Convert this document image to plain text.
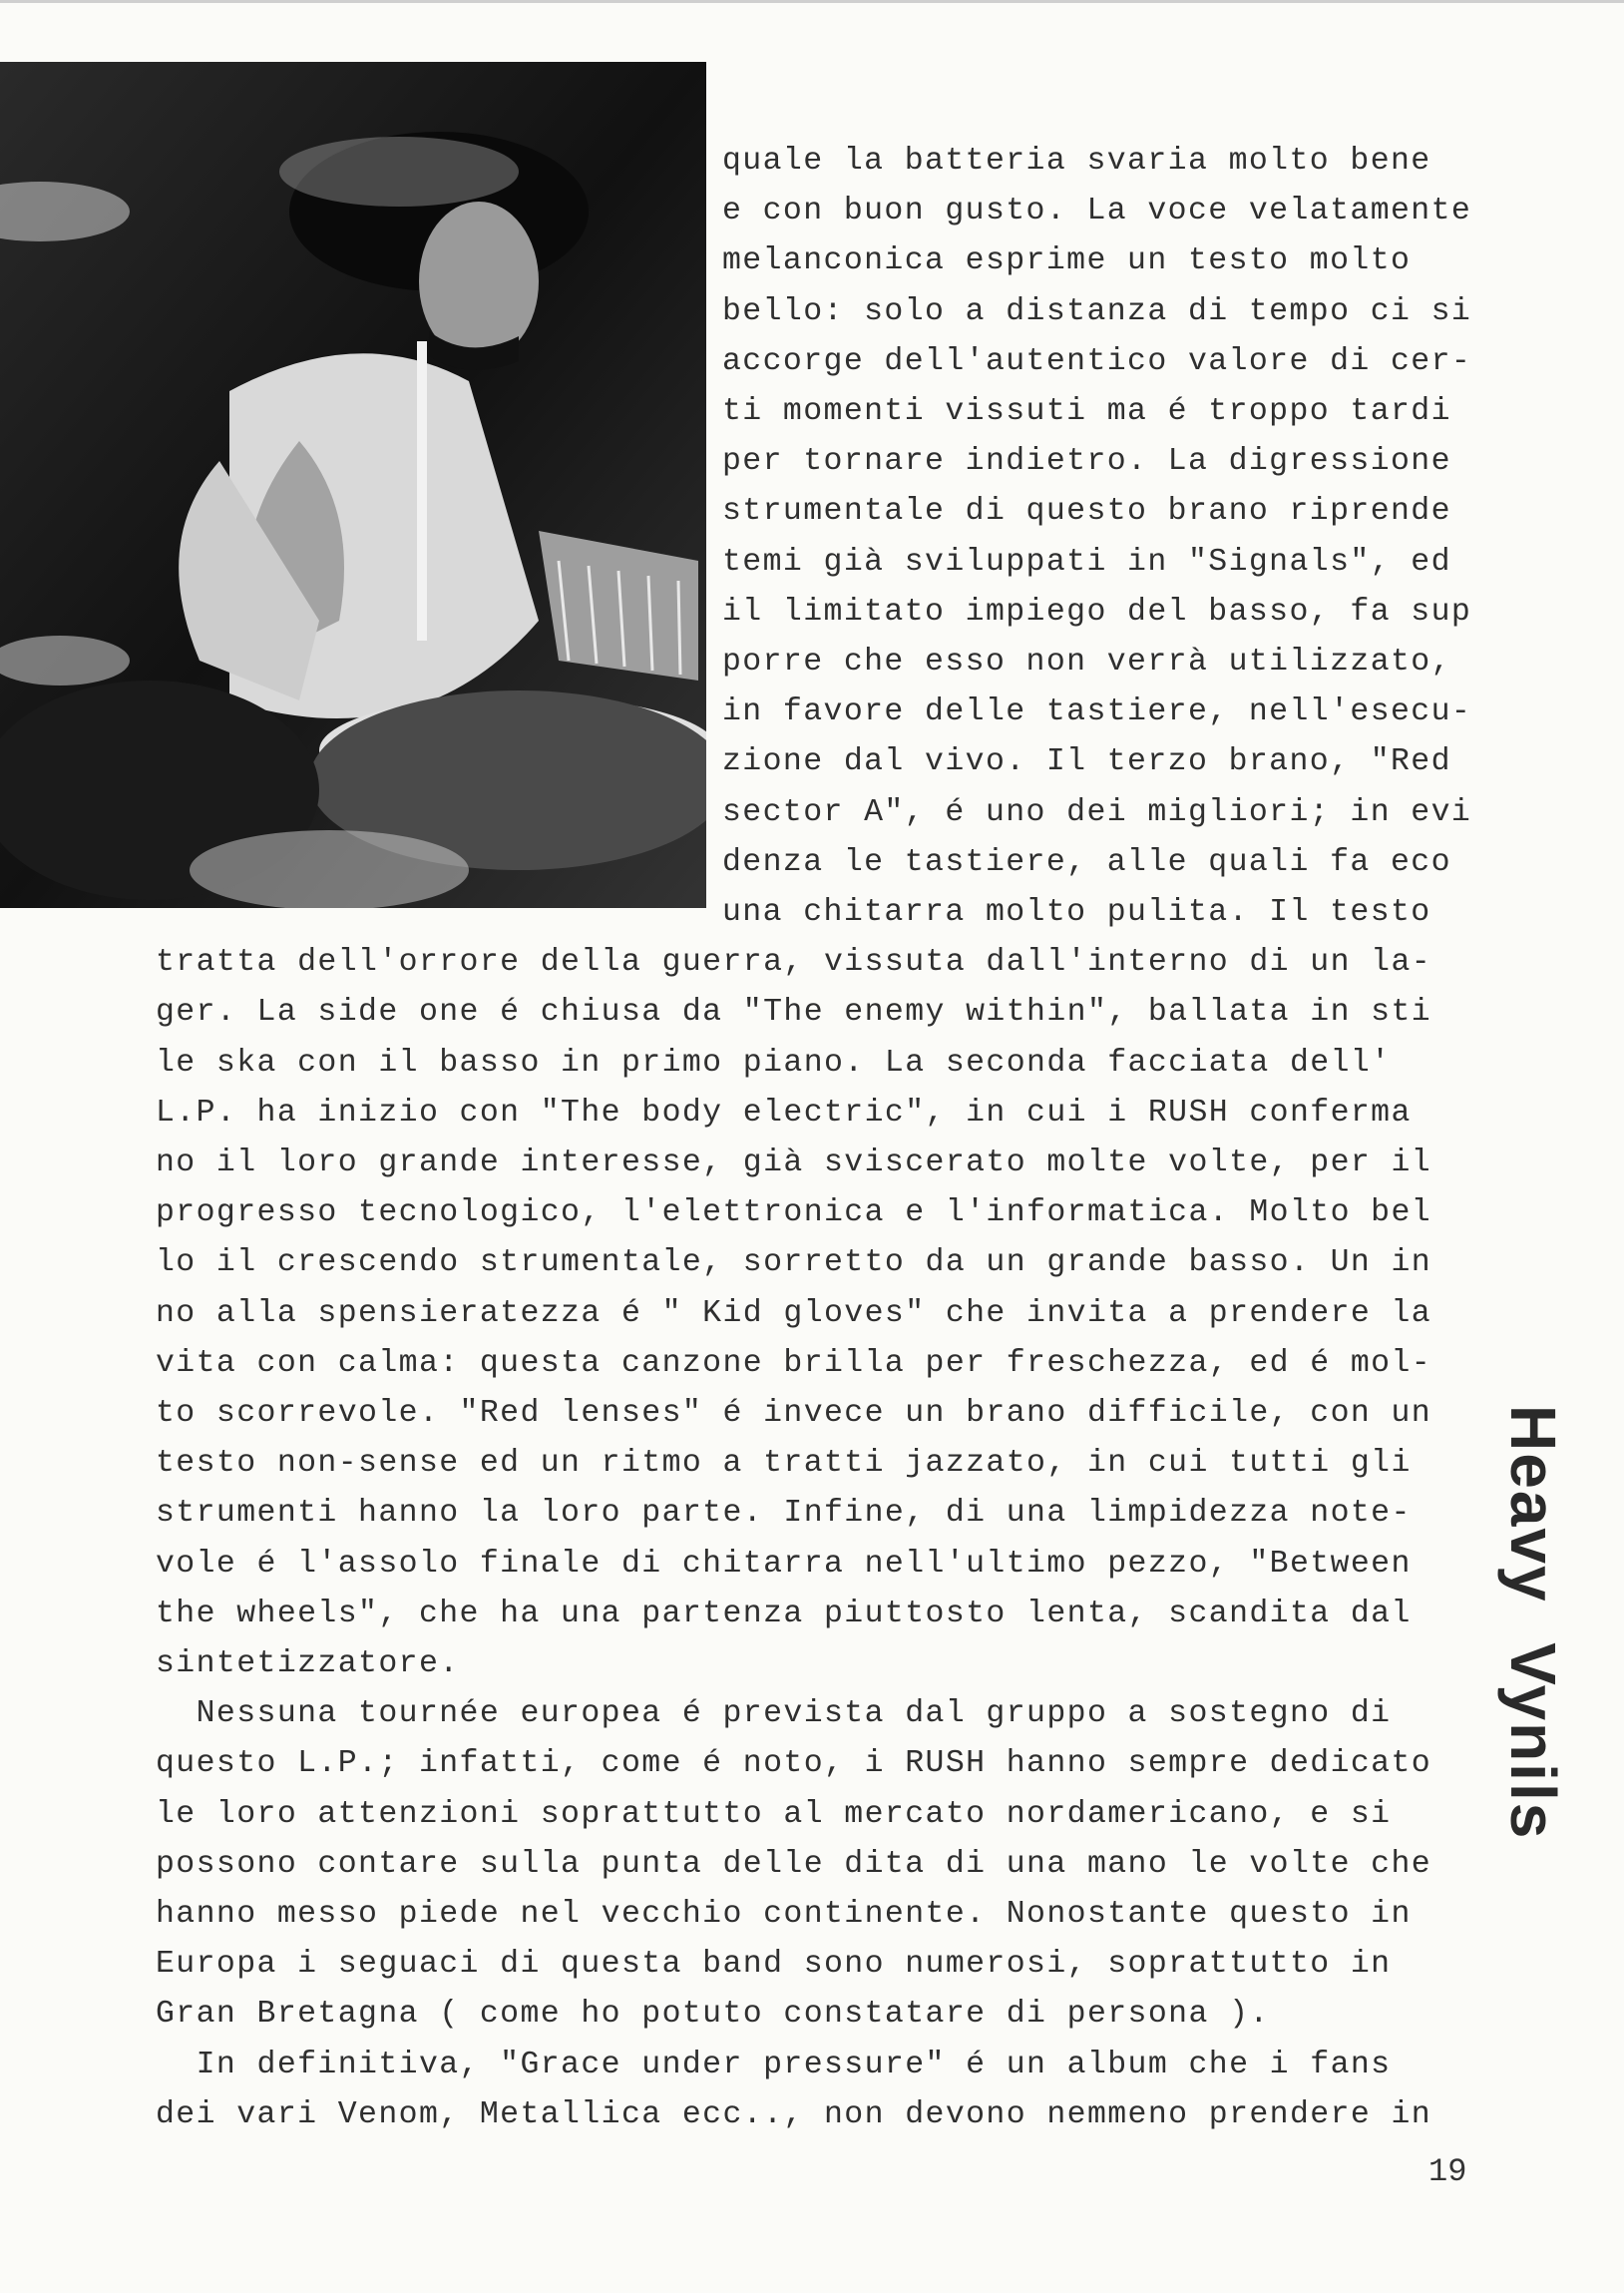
quale la batteria svaria molto bene
e con buon gusto. La voce velatamente
melanconica esprime un testo molto
bello: solo a distanza di tempo ci si
accorge dell'autentico valore di cer-
ti momenti vissuti ma é troppo tardi
per tornare indietro. La digressione
strumentale di questo brano riprende
temi già sviluppati in "Signals", ed
il limitato impiego del basso, fa sup
porre che esso non verrà utilizzato,
in favore delle tastiere, nell'esecu-
zione dal vivo. Il terzo brano, "Red
sector A", é uno dei migliori; in evi
denza le tastiere, alle quali fa eco
una chitarra molto pulita. Il testo
tratta dell'orrore della guerra, vissuta dall'interno di un la-
ger. La side one é chiusa da "The enemy within", ballata in sti
le ska con il basso in primo piano. La seconda facciata dell'
L.P. ha inizio con "The body electric", in cui i RUSH conferma
no il loro grande interesse, già sviscerato molte volte, per il
progresso tecnologico, l'elettronica e l'informatica. Molto bel
lo il crescendo strumentale, sorretto da un grande basso. Un in
no alla spensieratezza é " Kid gloves" che invita a prendere la
vita con calma: questa canzone brilla per freschezza, ed é mol-
to scorrevole. "Red lenses" é invece un brano difficile, con un
testo non-sense ed un ritmo a tratti jazzato, in cui tutti gli
strumenti hanno la loro parte. Infine, di una limpidezza note-
vole é l'assolo finale di chitarra nell'ultimo pezzo, "Between
the wheels", che ha una partenza piuttosto lenta, scandita dal
sintetizzatore.
Nessuna tournée europea é prevista dal gruppo a sostegno di
questo L.P.; infatti, come é noto, i RUSH hanno sempre dedicato
le loro attenzioni soprattutto al mercato nordamericano, e si
possono contare sulla punta delle dita di una mano le volte che
hanno messo piede nel vecchio continente. Nonostante questo in
Europa i seguaci di questa band sono numerosi, soprattutto in
Gran Bretagna ( come ho potuto constatare di persona ).
In definitiva, "Grace under pressure" é un album che i fans
dei vari Venom, Metallica ecc.., non devono nemmeno prendere in
Heavy  Vynils
19
